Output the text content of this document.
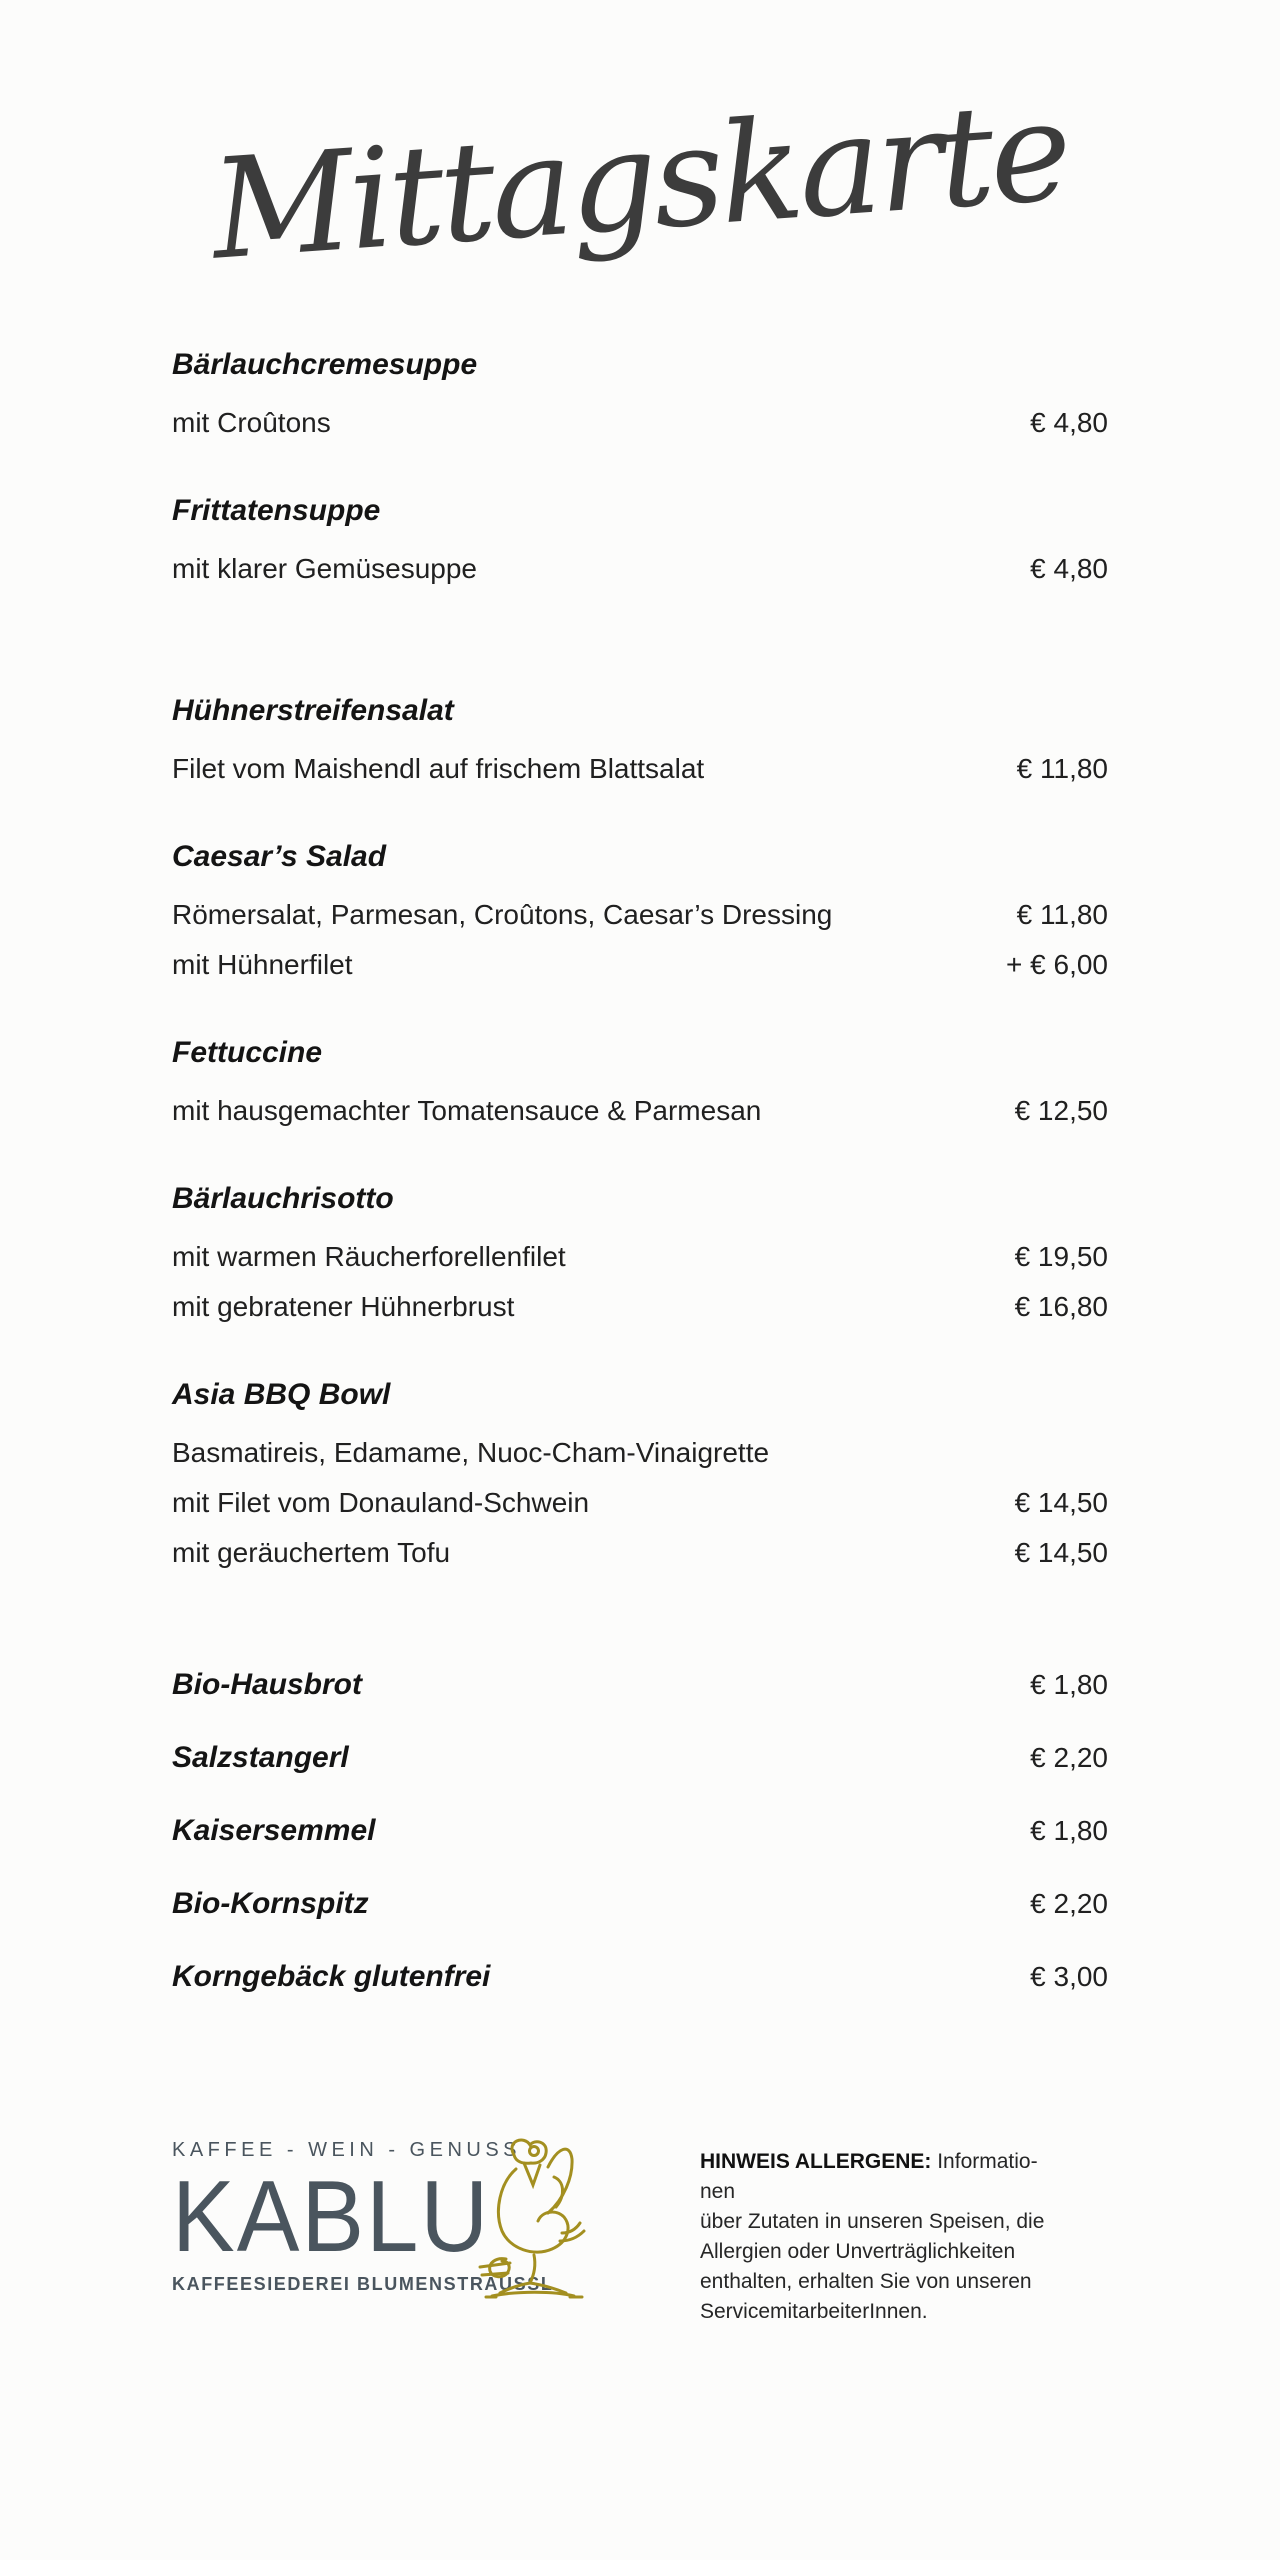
Mittagskarte
Bärlauchcremesuppe
mit Croûtons	€ 4,80
Frittatensuppe
mit klarer Gemüsesuppe	€ 4,80
Hühnerstreifensalat
Filet vom Maishendl auf frischem Blattsalat	€ 11,80
Caesar’s Salad
Römersalat, Parmesan, Croûtons, Caesar’s Dressing	€ 11,80
mit Hühnerfilet	+ € 6,00
Fettuccine
mit hausgemachter Tomatensauce & Parmesan	€ 12,50
Bärlauchrisotto
mit warmen Räucherforellenfilet	€ 19,50
mit gebratener Hühnerbrust	€ 16,80
Asia BBQ Bowl
Basmatireis, Edamame, Nuoc-Cham-Vinaigrette
mit Filet vom Donauland-Schwein	€ 14,50
mit geräuchertem Tofu	€ 14,50
Bio-Hausbrot	€ 1,80
Salzstangerl	€ 2,20
Kaisersemmel	€ 1,80
Bio-Kornspitz	€ 2,20
Korngebäck glutenfrei	€ 3,00
KAFFEE - WEIN - GENUSS
KABLU
KAFFEESIEDEREI BLUMENSTRÄUSSL
HINWEIS ALLERGENE: Informatio-
nen
über Zutaten in unseren Speisen, die
Allergien oder Unverträglichkeiten
enthalten, erhalten Sie von unseren
ServicemitarbeiterInnen.
